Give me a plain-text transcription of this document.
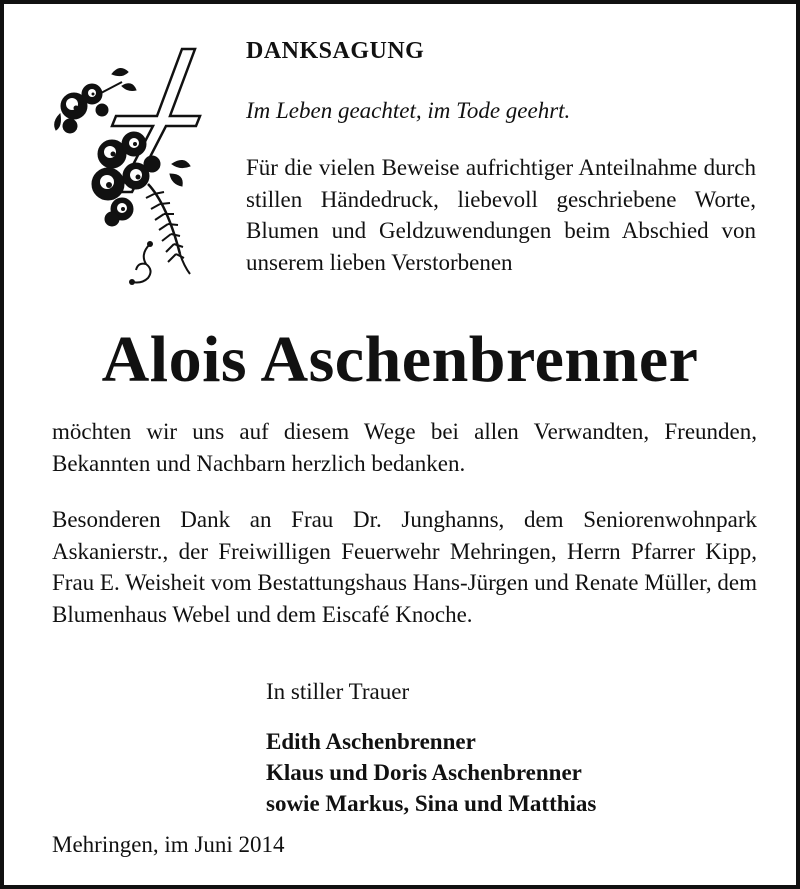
DANKSAGUNG
Im Leben geachtet, im Tode geehrt.

Für die vielen Beweise aufrichtiger Anteilnahme durch stillen Händedruck, liebevoll geschriebene Worte, Blumen und Geldzuwendungen beim Abschied von unserem lieben Verstorbenen

Alois Aschenbrenner

möchten wir uns auf diesem Wege bei allen Verwandten, Freunden, Bekannten und Nachbarn herzlich bedanken.

Besonderen Dank an Frau Dr. Junghanns, dem Seniorenwohnpark Askanierstr., der Freiwilligen Feuerwehr Mehringen, Herrn Pfarrer Kipp, Frau E. Weisheit vom Bestattungshaus Hans-Jürgen und Renate Müller, dem Blumenhaus Webel und dem Eiscafé Knoche.

In stiller Trauer
Edith Aschenbrenner
Klaus und Doris Aschenbrenner
sowie Markus, Sina und Matthias
Mehringen, im Juni 2014
